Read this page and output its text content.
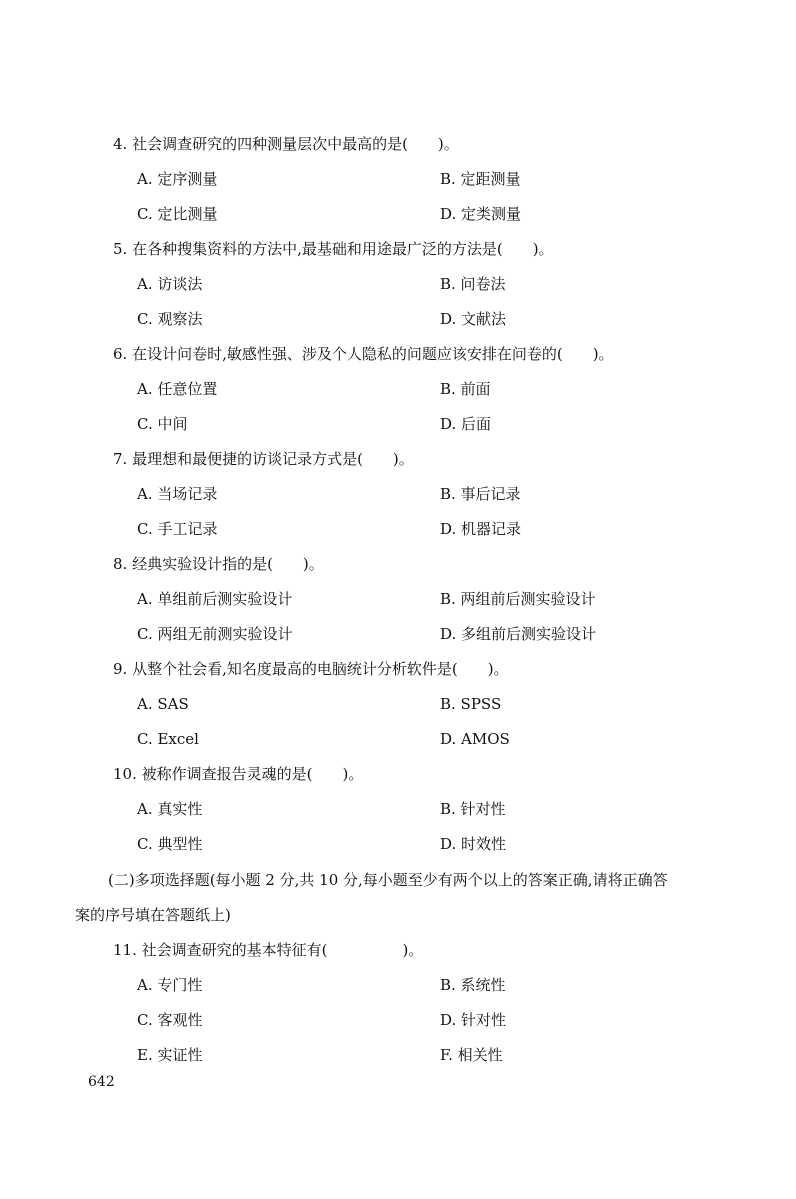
4. 社会调查研究的四种测量层次中最高的是(　　)。
A. 定序测量	B. 定距测量
C. 定比测量	D. 定类测量
5. 在各种搜集资料的方法中,最基础和用途最广泛的方法是(　　)。
A. 访谈法	B. 问卷法
C. 观察法	D. 文献法
6. 在设计问卷时,敏感性强、涉及个人隐私的问题应该安排在问卷的(　　)。
A. 任意位置	B. 前面
C. 中间	D. 后面
7. 最理想和最便捷的访谈记录方式是(　　)。
A. 当场记录	B. 事后记录
C. 手工记录	D. 机器记录
8. 经典实验设计指的是(　　)。
A. 单组前后测实验设计	B. 两组前后测实验设计
C. 两组无前测实验设计	D. 多组前后测实验设计
9. 从整个社会看,知名度最高的电脑统计分析软件是(　　)。
A. SAS	B. SPSS
C. Excel	D. AMOS
10. 被称作调查报告灵魂的是(　　)。
A. 真实性	B. 针对性
C. 典型性	D. 时效性
(二)多项选择题(每小题 2 分,共 10 分,每小题至少有两个以上的答案正确,请将正确答
案的序号填在答题纸上)
11. 社会调查研究的基本特征有(　　　　　)。
A. 专门性	B. 系统性
C. 客观性	D. 针对性
E. 实证性	F. 相关性
642
